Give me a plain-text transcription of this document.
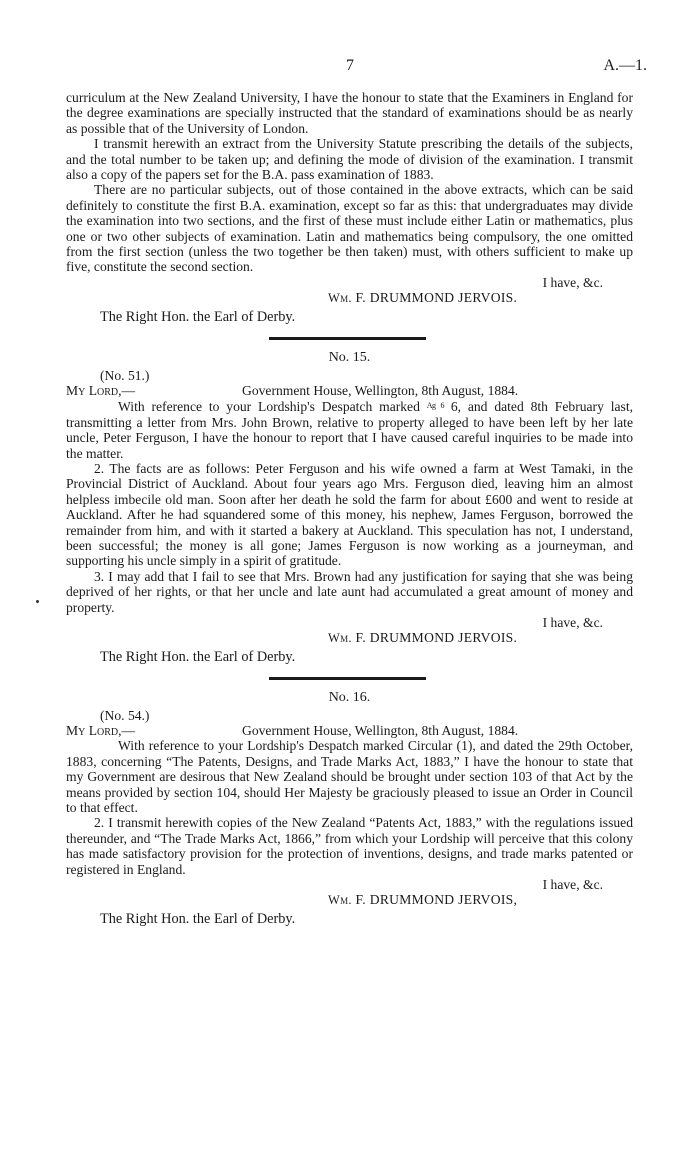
7	A.—1.

curriculum at the New Zealand University, I have the honour to state that the Examiners in England for the degree examinations are specially instructed that the standard of examinations should be as nearly as possible that of the University of London.

I transmit herewith an extract from the University Statute prescribing the details of the subjects, and the total number to be taken up; and defining the mode of division of the examination. I transmit also a copy of the papers set for the B.A. pass examination of 1883.

There are no particular subjects, out of those contained in the above extracts, which can be said definitely to constitute the first B.A. examination, except so far as this: that undergraduates may divide the examination into two sections, and the first of these must include either Latin or mathematics, plus one or two other subjects of examination. Latin and mathematics being compulsory, the one omitted from the first section (unless the two together be then taken) must, with others sufficient to make up five, constitute the second section.

I have, &c.

Wm. F. DRUMMOND JERVOIS.

The Right Hon. the Earl of Derby.

No. 15.

(No. 51.)

My Lord,—	Government House, Wellington, 8th August, 1884.

With reference to your Lordship's Despatch marked $^{Ag 6}$ 6, and dated 8th February last, transmitting a letter from Mrs. John Brown, relative to property alleged to have been left by her late uncle, Peter Ferguson, I have the honour to report that I have caused careful inquiries to be made into the matter.

2. The facts are as follows: Peter Ferguson and his wife owned a farm at West Tamaki, in the Provincial District of Auckland. About four years ago Mrs. Ferguson died, leaving him an almost helpless imbecile old man. Soon after her death he sold the farm for about £600 and went to reside at Auckland. After he had squandered some of this money, his nephew, James Ferguson, borrowed the remainder from him, and with it started a bakery at Auckland. This speculation has not, I understand, been successful; the money is all gone; James Ferguson is now working as a journeyman, and supporting his uncle simply in a spirit of gratitude.

3. I may add that I fail to see that Mrs. Brown had any justification for saying that she was being deprived of her rights, or that her uncle and late aunt had accumulated a great amount of money and property.

I have, &c.

Wm. F. DRUMMOND JERVOIS.

The Right Hon. the Earl of Derby.

No. 16.

(No. 54.)

My Lord,—	Government House, Wellington, 8th August, 1884.

With reference to your Lordship's Despatch marked Circular (1), and dated the 29th October, 1883, concerning “The Patents, Designs, and Trade Marks Act, 1883,” I have the honour to state that my Government are desirous that New Zealand should be brought under section 103 of that Act by the means provided by section 104, should Her Majesty be graciously pleased to issue an Order in Council to that effect.

2. I transmit herewith copies of the New Zealand “Patents Act, 1883,” with the regulations issued thereunder, and “The Trade Marks Act, 1866,” from which your Lordship will perceive that this colony has made satisfactory provision for the protection of inventions, designs, and trade marks patented or registered in England.

I have, &c.

Wm. F. DRUMMOND JERVOIS,

The Right Hon. the Earl of Derby.
